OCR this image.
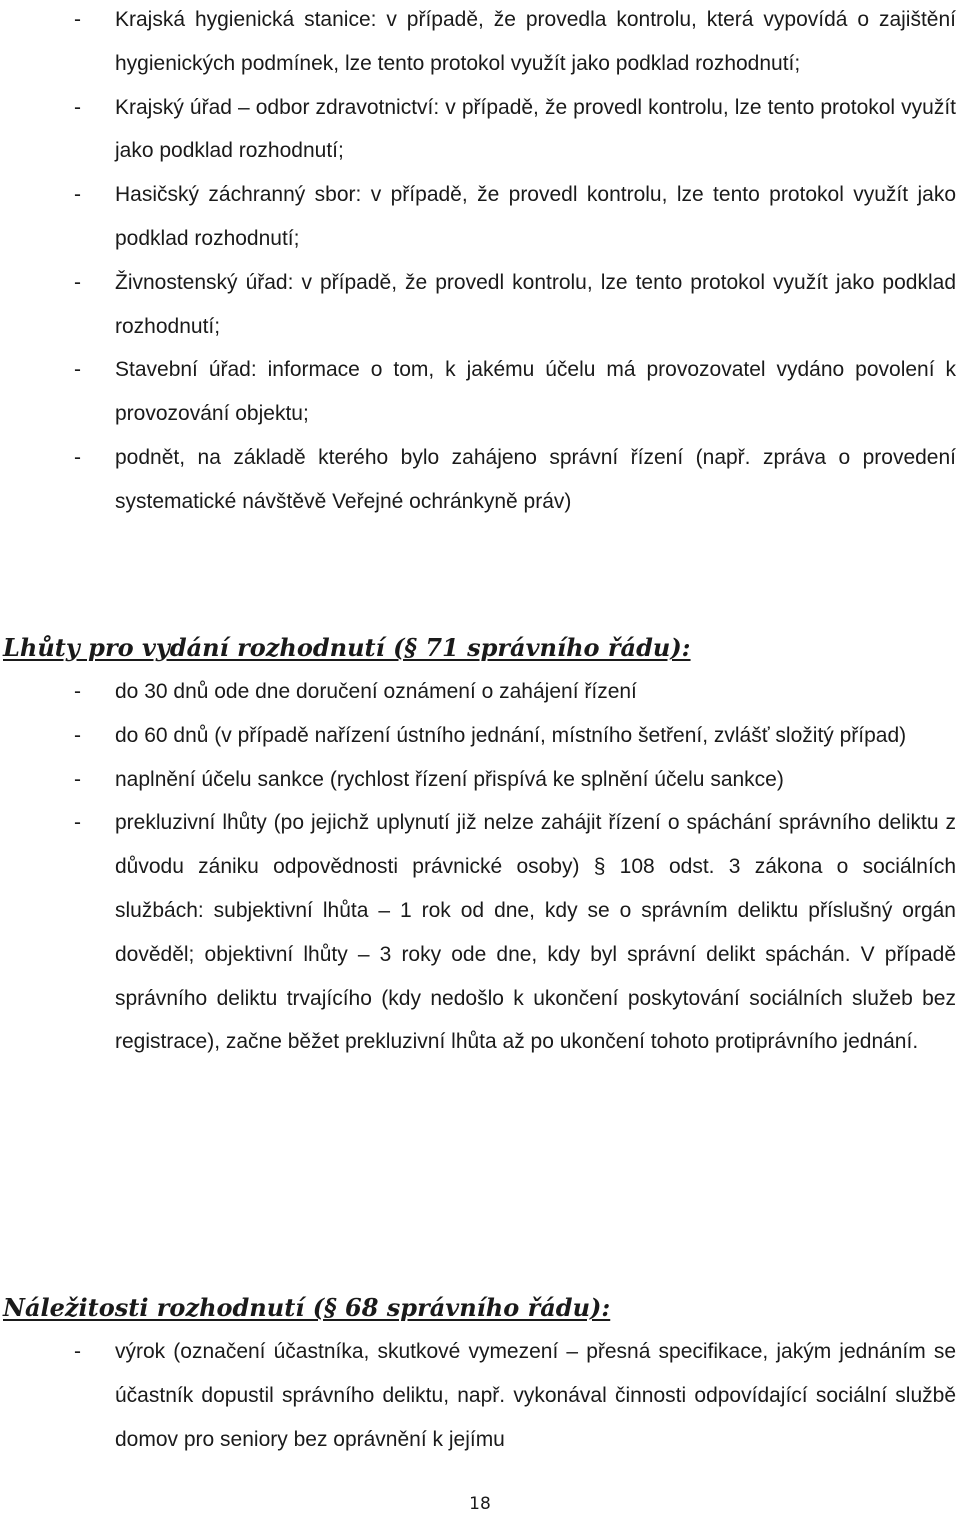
-	Krajská hygienická stanice: v případě, že provedla kontrolu, která vypovídá o zajištění hygienických podmínek, lze tento protokol využít jako podklad rozhodnutí;
-	Krajský úřad – odbor zdravotnictví: v případě, že provedl kontrolu, lze tento protokol využít jako podklad rozhodnutí;
-	Hasičský záchranný sbor: v případě, že provedl kontrolu, lze tento protokol využít jako podklad rozhodnutí;
-	Živnostenský úřad: v případě, že provedl kontrolu, lze tento protokol využít jako podklad rozhodnutí;
-	Stavební úřad: informace o tom, k jakému účelu má provozovatel vydáno povolení k provozování objektu;
-	podnět, na základě kterého bylo zahájeno správní řízení (např. zpráva o provedení systematické návštěvě Veřejné ochránkyně práv)
Lhůty pro vydání rozhodnutí (§ 71 správního řádu):
-	do 30 dnů ode dne doručení oznámení o zahájení řízení
-	do 60 dnů (v případě nařízení ústního jednání, místního šetření, zvlášť složitý případ)
-	naplnění účelu sankce (rychlost řízení přispívá ke splnění účelu sankce)
-	prekluzivní lhůty (po jejichž uplynutí již nelze zahájit řízení o spáchání správního deliktu z důvodu zániku odpovědnosti právnické osoby) § 108 odst. 3 zákona o sociálních službách: subjektivní lhůta – 1 rok od dne, kdy se o správním deliktu příslušný orgán dověděl; objektivní lhůty – 3 roky ode dne, kdy byl správní delikt spáchán. V případě správního deliktu trvajícího (kdy nedošlo k ukončení poskytování sociálních služeb bez registrace), začne běžet prekluzivní lhůta až po ukončení tohoto protiprávního jednání.
Náležitosti rozhodnutí (§ 68 správního řádu):
-	výrok (označení účastníka, skutkové vymezení – přesná specifikace, jakým jednáním se účastník dopustil správního deliktu, např. vykonával činnosti odpovídající sociální službě domov pro seniory bez oprávnění k jejímu
18
